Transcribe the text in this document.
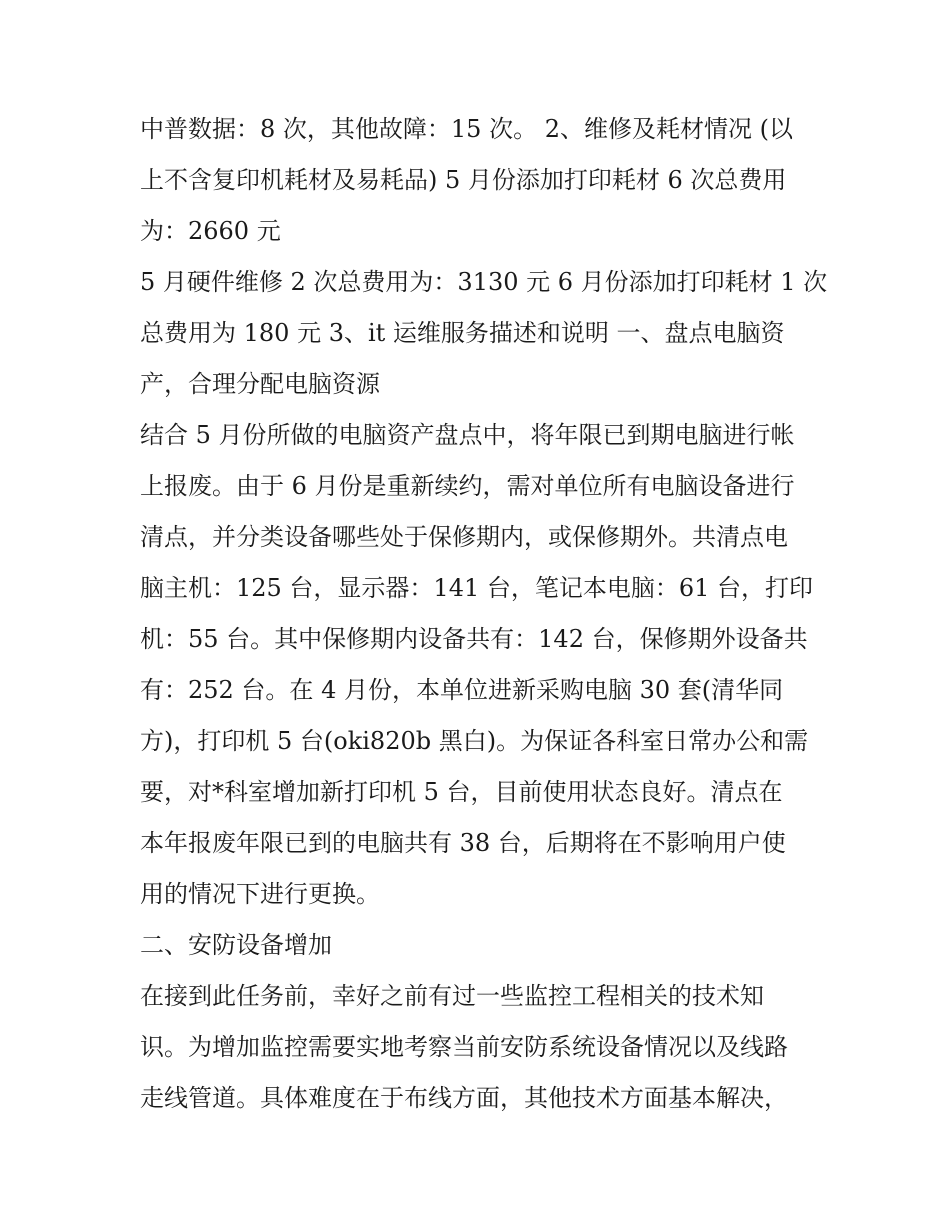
中普数据：8 次，其他故障：15 次。 2、维修及耗材情况 (以

上不含复印机耗材及易耗品) 5 月份添加打印耗材 6 次总费用

为：2660 元

5 月硬件维修 2 次总费用为：3130 元 6 月份添加打印耗材 1 次

总费用为 180 元 3、it 运维服务描述和说明 一、盘点电脑资

产，合理分配电脑资源

结合 5 月份所做的电脑资产盘点中，将年限已到期电脑进行帐

上报废。由于 6 月份是重新续约，需对单位所有电脑设备进行

清点，并分类设备哪些处于保修期内，或保修期外。共清点电

脑主机：125 台，显示器：141 台，笔记本电脑：61 台，打印

机：55 台。其中保修期内设备共有：142 台，保修期外设备共

有：252 台。在 4 月份，本单位进新采购电脑 30 套(清华同

方)，打印机 5 台(oki820b 黑白)。为保证各科室日常办公和需

要，对*科室增加新打印机 5 台，目前使用状态良好。清点在

本年报废年限已到的电脑共有 38 台，后期将在不影响用户使

用的情况下进行更换。

二、安防设备增加

在接到此任务前，幸好之前有过一些监控工程相关的技术知

识。为增加监控需要实地考察当前安防系统设备情况以及线路

走线管道。具体难度在于布线方面，其他技术方面基本解决，
